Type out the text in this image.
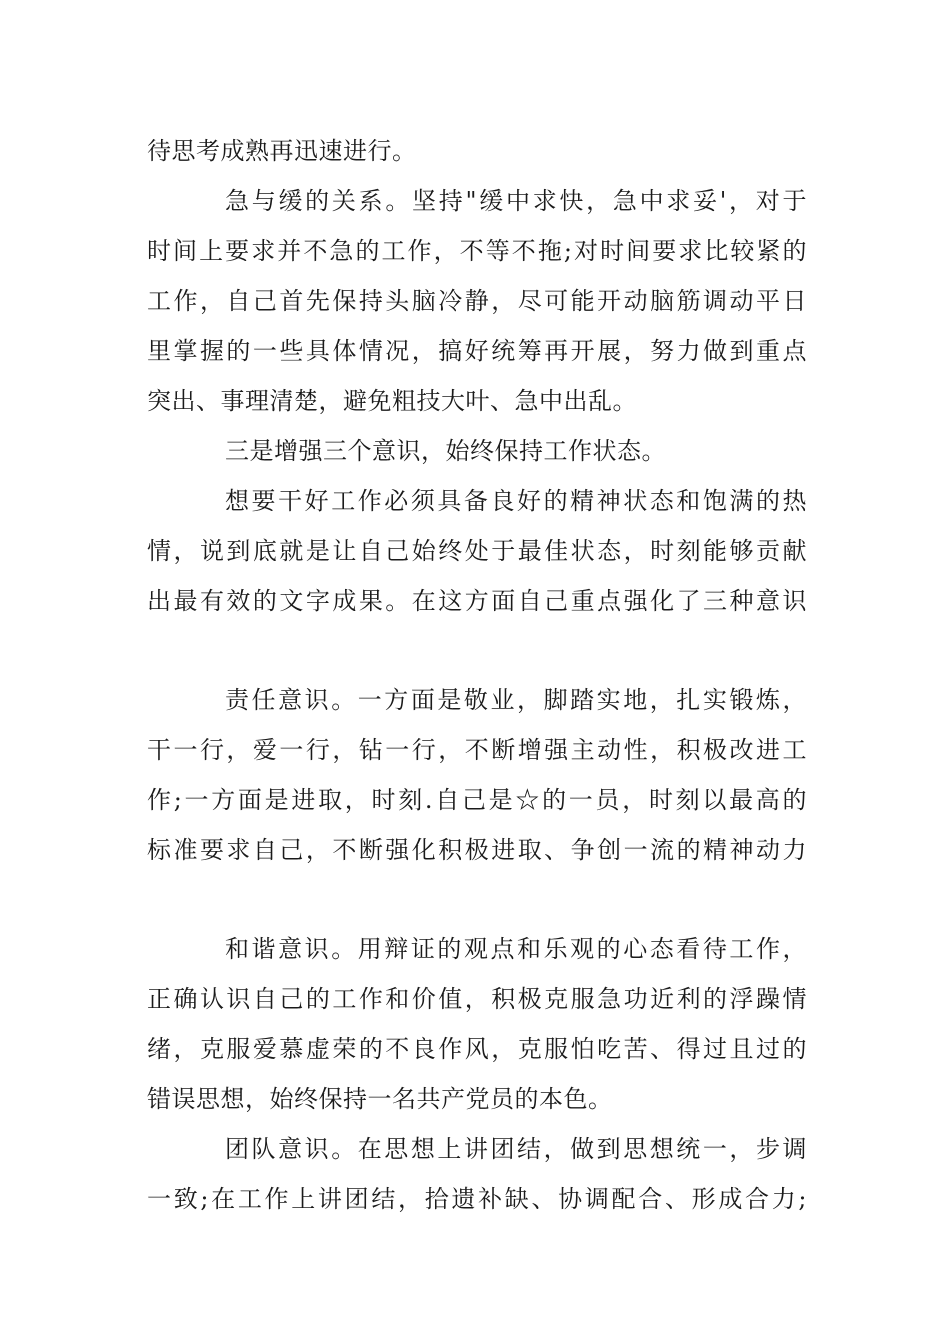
待思考成熟再迅速进行。
急与缓的关系。坚持"缓中求快，急中求妥'，对于
时间上要求并不急的工作，不等不拖;对时间要求比较紧的
工作，自己首先保持头脑冷静，尽可能开动脑筋调动平日
里掌握的一些具体情况，搞好统筹再开展，努力做到重点
突出、事理清楚，避免粗技大叶、急中出乱。
三是增强三个意识，始终保持工作状态。
想要干好工作必须具备良好的精神状态和饱满的热
情，说到底就是让自己始终处于最佳状态，时刻能够贡献
出最有效的文字成果。在这方面自己重点强化了三种意识
责任意识。一方面是敬业，脚踏实地，扎实锻炼，
干一行，爱一行，钻一行，不断增强主动性，积极改进工
作;一方面是进取，时刻.自己是☆的一员，时刻以最高的
标准要求自己，不断强化积极进取、争创一流的精神动力
和谐意识。用辩证的观点和乐观的心态看待工作，
正确认识自己的工作和价值，积极克服急功近利的浮躁情
绪，克服爱慕虚荣的不良作风，克服怕吃苦、得过且过的
错误思想，始终保持一名共产党员的本色。
团队意识。在思想上讲团结，做到思想统一，步调
一致;在工作上讲团结，拾遗补缺、协调配合、形成合力;
